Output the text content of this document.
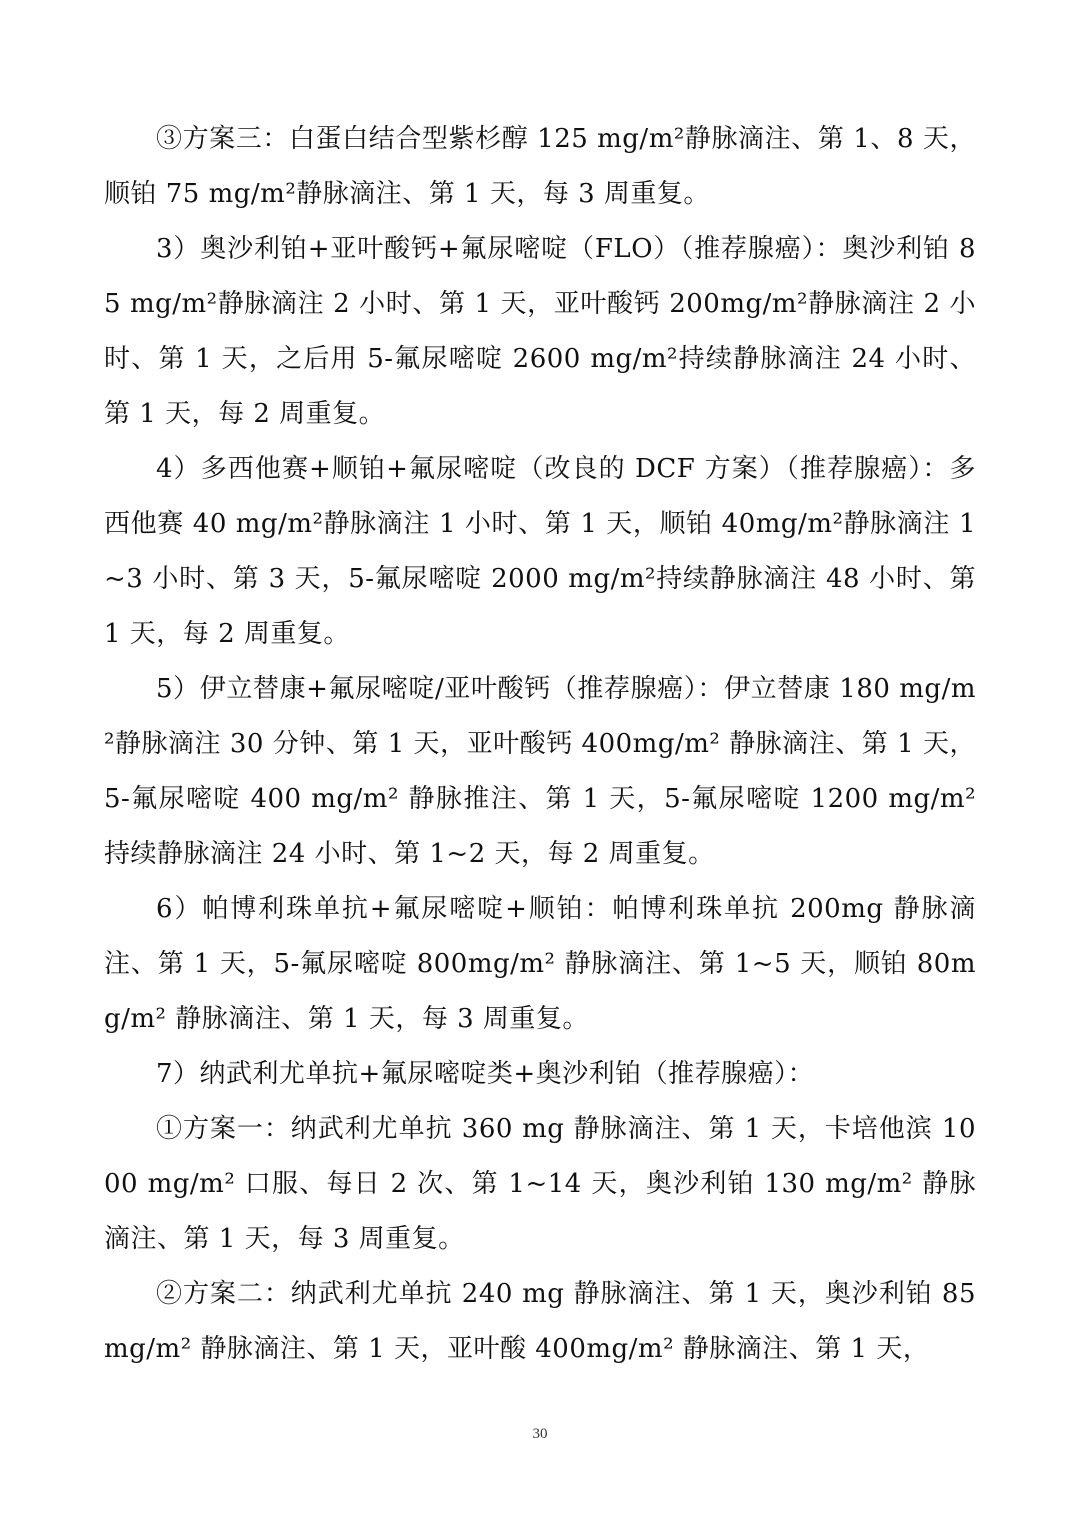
③方案三：白蛋白结合型紫杉醇 125 mg/m²静脉滴注、第 1、8 天，顺铂 75 mg/m²静脉滴注、第 1 天，每 3 周重复。

3）奥沙利铂+亚叶酸钙+氟尿嘧啶（FLO）（推荐腺癌）：奥沙利铂 85 mg/m²静脉滴注 2 小时、第 1 天，亚叶酸钙 200mg/m²静脉滴注 2 小时、第 1 天，之后用 5-氟尿嘧啶 2600 mg/m²持续静脉滴注 24 小时、第 1 天，每 2 周重复。

4）多西他赛+顺铂+氟尿嘧啶（改良的 DCF 方案）（推荐腺癌）：多西他赛 40 mg/m²静脉滴注 1 小时、第 1 天，顺铂 40mg/m²静脉滴注 1~3 小时、第 3 天，5-氟尿嘧啶 2000 mg/m²持续静脉滴注 48 小时、第 1 天，每 2 周重复。

5）伊立替康+氟尿嘧啶/亚叶酸钙（推荐腺癌）：伊立替康 180 mg/m²静脉滴注 30 分钟、第 1 天，亚叶酸钙 400mg/m² 静脉滴注、第 1 天，5-氟尿嘧啶 400 mg/m² 静脉推注、第 1 天，5-氟尿嘧啶 1200 mg/m² 持续静脉滴注 24 小时、第 1~2 天，每 2 周重复。

6）帕博利珠单抗+氟尿嘧啶+顺铂：帕博利珠单抗 200mg 静脉滴注、第 1 天，5-氟尿嘧啶 800mg/m² 静脉滴注、第 1~5 天，顺铂 80mg/m² 静脉滴注、第 1 天，每 3 周重复。

7）纳武利尤单抗+氟尿嘧啶类+奥沙利铂（推荐腺癌）：

①方案一：纳武利尤单抗 360 mg 静脉滴注、第 1 天，卡培他滨 1000 mg/m² 口服、每日 2 次、第 1~14 天，奥沙利铂 130 mg/m² 静脉滴注、第 1 天，每 3 周重复。

②方案二：纳武利尤单抗 240 mg 静脉滴注、第 1 天，奥沙利铂 85 mg/m² 静脉滴注、第 1 天，亚叶酸 400mg/m² 静脉滴注、第 1 天，

30
